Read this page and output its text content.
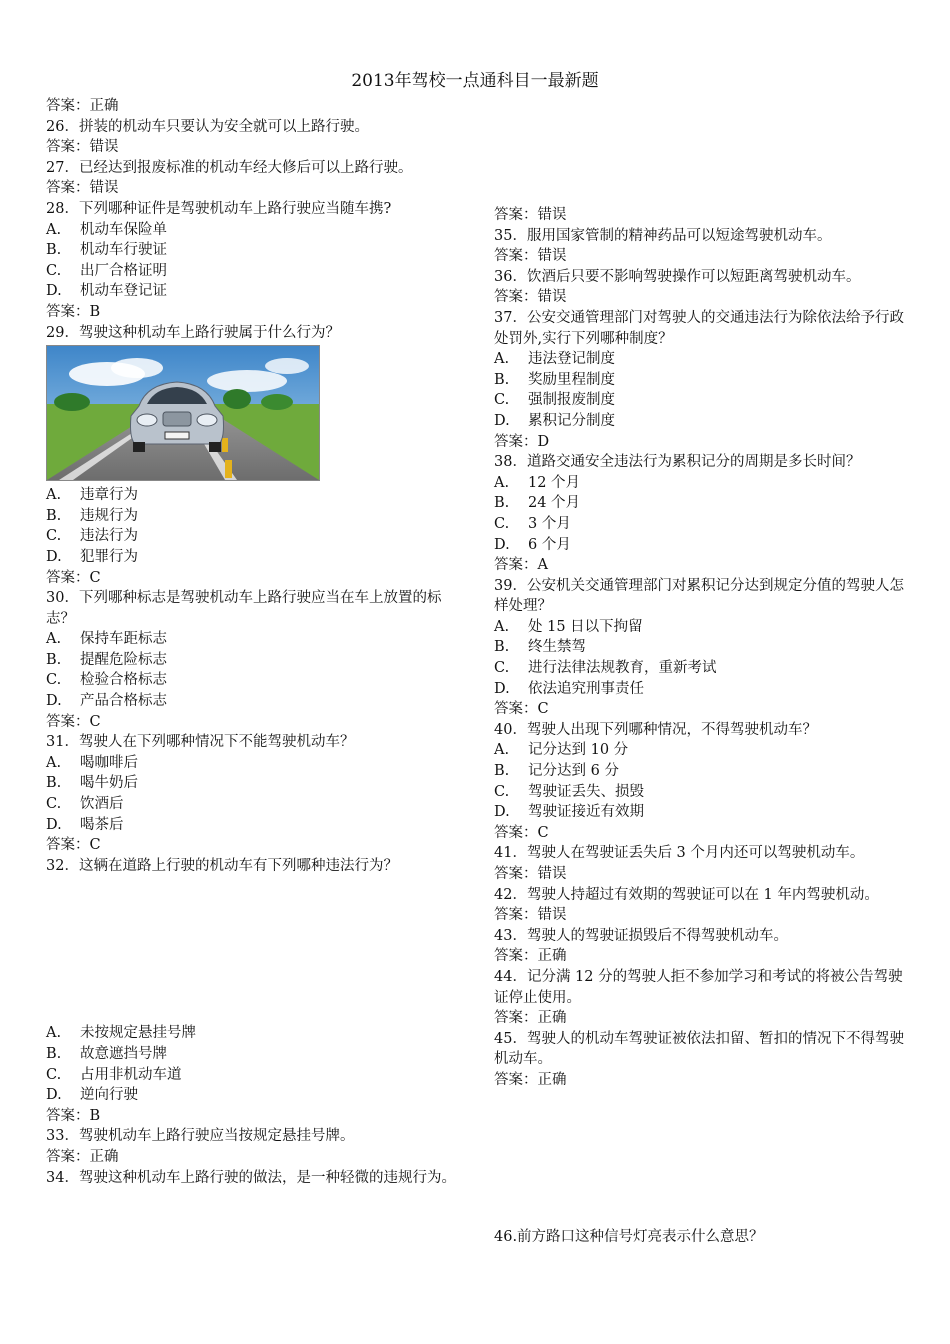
2013年驾校一点通科目一最新题
答案：正确
26．拼装的机动车只要认为安全就可以上路行驶。
答案：错误
27．已经达到报废标准的机动车经大修后可以上路行驶。
答案：错误
28．下列哪种证件是驾驶机动车上路行驶应当随车携?
A.	机动车保险单
B.	机动车行驶证
C.	出厂合格证明
D.	机动车登记证
答案：B
29．驾驶这种机动车上路行驶属于什么行为？
A.	违章行为
B.	违规行为
C.	违法行为
D.	犯罪行为
答案：C
30．下列哪种标志是驾驶机动车上路行驶应当在车上放置的标志？
A.	保持车距标志
B.	提醒危险标志
C.	检验合格标志
D.	产品合格标志
答案：C
31．驾驶人在下列哪种情况下不能驾驶机动车？
A.	喝咖啡后
B.	喝牛奶后
C.	饮酒后
D.	喝茶后
答案：C
32．这辆在道路上行驶的机动车有下列哪种违法行为？
A.	未按规定悬挂号牌
B.	故意遮挡号牌
C.	占用非机动车道
D.	逆向行驶
答案：B
33．驾驶机动车上路行驶应当按规定悬挂号牌。
答案：正确
34．驾驶这种机动车上路行驶的做法，是一种轻微的违规行为。
答案：错误
35．服用国家管制的精神药品可以短途驾驶机动车。
答案：错误
36．饮酒后只要不影响驾驶操作可以短距离驾驶机动车。
答案：错误
37．公安交通管理部门对驾驶人的交通违法行为除依法给予行政处罚外,实行下列哪种制度？
A.	违法登记制度
B.	奖励里程制度
C.	强制报废制度
D.	累积记分制度
答案：D
38．道路交通安全违法行为累积记分的周期是多长时间？
A.	12 个月
B.	24 个月
C.	3 个月
D.	6 个月
答案：A
39．公安机关交通管理部门对累积记分达到规定分值的驾驶人怎样处理？
A.	处 15 日以下拘留
B.	终生禁驾
C.	进行法律法规教育，重新考试
D.	依法追究刑事责任
答案：C
40．驾驶人出现下列哪种情况，不得驾驶机动车？
A.	记分达到 10 分
B.	记分达到 6 分
C.	驾驶证丢失、损毁
D.	驾驶证接近有效期
答案：C
41．驾驶人在驾驶证丢失后 3 个月内还可以驾驶机动车。
答案：错误
42．驾驶人持超过有效期的驾驶证可以在 1 年内驾驶机动。
答案：错误
43．驾驶人的驾驶证损毁后不得驾驶机动车。
答案：正确
44．记分满 12 分的驾驶人拒不参加学习和考试的将被公告驾驶证停止使用。
答案：正确
45．驾驶人的机动车驾驶证被依法扣留、暂扣的情况下不得驾驶机动车。
答案：正确
46.前方路口这种信号灯亮表示什么意思？
